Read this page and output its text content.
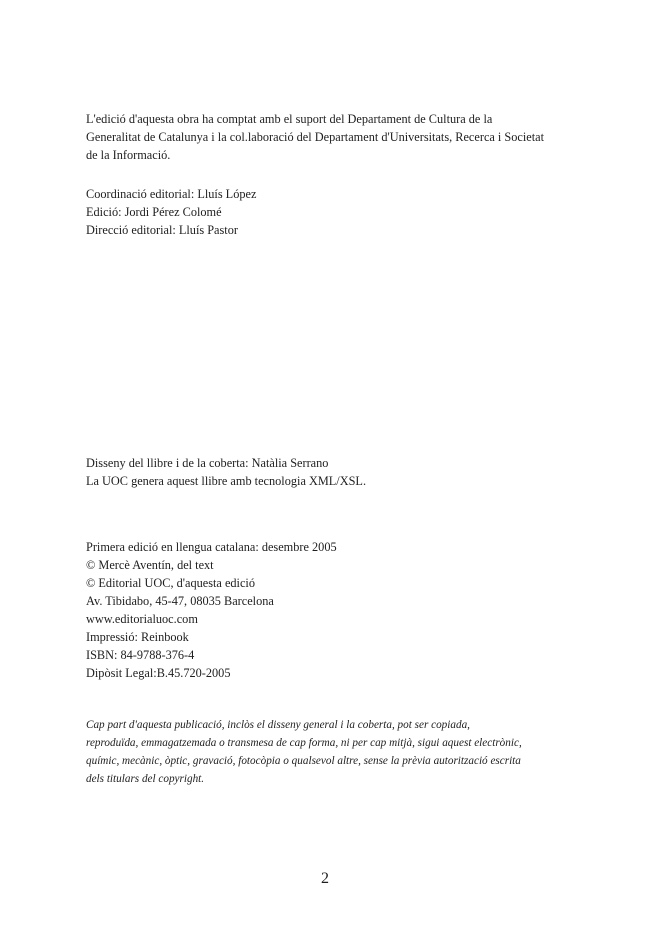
L'edició d'aquesta obra ha comptat amb el suport del Departament de Cultura de la
Generalitat de Catalunya i la col.laboració del Departament d'Universitats, Recerca i Societat
de la Informació.
Coordinació editorial: Lluís López
Edició: Jordi Pérez Colomé
Direcció editorial: Lluís Pastor
Disseny del llibre i de la coberta: Natàlia Serrano
La UOC genera aquest llibre amb tecnologia XML/XSL.
Primera edició en llengua catalana: desembre 2005
© Mercè Aventín, del text
© Editorial UOC, d'aquesta edició
Av. Tibidabo, 45-47, 08035 Barcelona
www.editorialuoc.com
Impressió: Reinbook
ISBN: 84-9788-376-4
Dipòsit Legal:B.45.720-2005
Cap part d'aquesta publicació, inclòs el disseny general i la coberta, pot ser copiada,
reproduïda, emmagatzemada o transmesa de cap forma, ni per cap mitjà, sigui aquest electrònic,
químic, mecànic, òptic, gravació, fotocòpia o qualsevol altre, sense la prèvia autorització escrita
dels titulars del copyright.
2
